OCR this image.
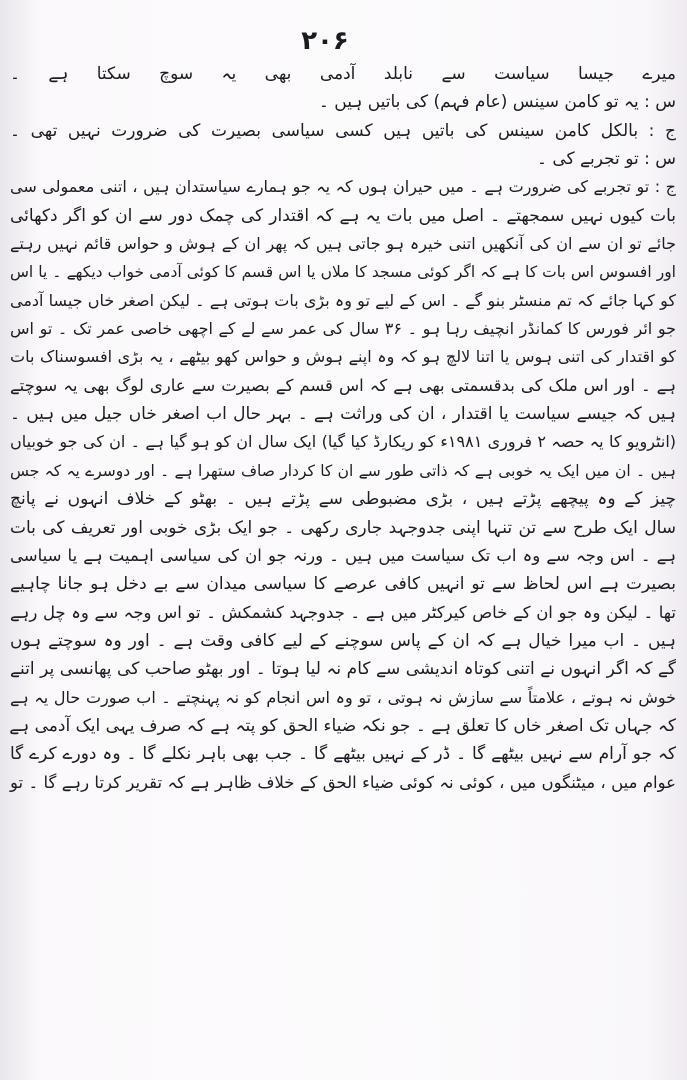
۲۰۶
میرے جیسا سیاست سے نابلد آدمی بھی یہ سوچ سکتا ہے ۔
س : یہ تو کامن سینس (عام فہم) کی باتیں ہیں ۔
ج : بالکل کامن سینس کی باتیں ہیں کسی سیاسی بصیرت کی ضرورت نہیں تھی ۔
س : تو تجربے کی ۔
ج : تو تجربے کی ضرورت ہے ۔ میں حیران ہوں کہ یہ جو ہمارے سیاستدان ہیں ، اتنی معمولی سی
بات کیوں نہیں سمجھتے ۔ اصل میں بات یہ ہے کہ اقتدار کی چمک دور سے ان کو اگر دکھائی
جائے تو ان سے ان کی آنکھیں اتنی خیرہ ہو جاتی ہیں کہ پھر ان کے ہوش و حواس قائم نہیں رہتے
اور افسوس اس بات کا ہے کہ اگر کوئی مسجد کا ملاں یا اس قسم کا کوئی آدمی خواب دیکھے ۔ یا اس
کو کہا جائے کہ تم منسٹر بنو گے ۔ اس کے لیے تو وہ بڑی بات ہوتی ہے ۔ لیکن اصغر خاں جیسا آدمی
جو ائر فورس کا کمانڈر انچیف رہا ہو ۔ ۳۶ سال کی عمر سے لے کے اچھی خاصی عمر تک ۔ تو اس
کو اقتدار کی اتنی ہوس یا اتنا لالچ ہو کہ وہ اپنے ہوش و حواس کھو بیٹھے ، یہ بڑی افسوسناک بات
ہے ۔ اور اس ملک کی بدقسمتی بھی ہے کہ اس قسم کے بصیرت سے عاری لوگ بھی یہ سوچتے
ہیں کہ جیسے سیاست یا اقتدار ، ان کی وراثت ہے ۔ بہر حال اب اصغر خاں جیل میں ہیں ۔
(انٹرویو کا یہ حصہ ۲ فروری ۱۹۸۱ء کو ریکارڈ کیا گیا) ایک سال ان کو ہو گیا ہے ۔ ان کی جو خوبیاں
ہیں ۔ ان میں ایک یہ خوبی ہے کہ ذاتی طور سے ان کا کردار صاف ستھرا ہے ۔ اور دوسرے یہ کہ جس
چیز کے وہ پیچھے پڑتے ہیں ، بڑی مضبوطی سے پڑتے ہیں ۔ بھٹو کے خلاف انہوں نے پانچ
سال ایک طرح سے تن تنہا اپنی جدوجہد جاری رکھی ۔ جو ایک بڑی خوبی اور تعریف کی بات
ہے ۔ اس وجہ سے وہ اب تک سیاست میں ہیں ۔ ورنہ جو ان کی سیاسی اہمیت ہے یا سیاسی
بصیرت ہے اس لحاظ سے تو انہیں کافی عرصے کا سیاسی میدان سے بے دخل ہو جانا چاہیے
تھا ۔ لیکن وہ جو ان کے خاص کیرکٹر میں ہے ۔ جدوجہد کشمکش ۔ تو اس وجہ سے وہ چل رہے
ہیں ۔ اب میرا خیال ہے کہ ان کے پاس سوچنے کے لیے کافی وقت ہے ۔ اور وہ سوچتے ہوں
گے کہ اگر انہوں نے اتنی کوتاہ اندیشی سے کام نہ لیا ہوتا ۔ اور بھٹو صاحب کی پھانسی پر اتنے
خوش نہ ہوتے ، علامتاً سے سازش نہ ہوتی ، تو وہ اس انجام کو نہ پہنچتے ۔ اب صورت حال یہ ہے
کہ جہاں تک اصغر خاں کا تعلق ہے ۔ جو نکہ ضیاء الحق کو پتہ ہے کہ صرف یہی ایک آدمی ہے
کہ جو آرام سے نہیں بیٹھے گا ۔ ڈر کے نہیں بیٹھے گا ۔ جب بھی باہر نکلے گا ۔ وہ دورے کرے گا
عوام میں ، میٹنگوں میں ، کوئی نہ کوئی ضیاء الحق کے خلاف ظاہر ہے کہ تقریر کرتا رہے گا ۔ تو
